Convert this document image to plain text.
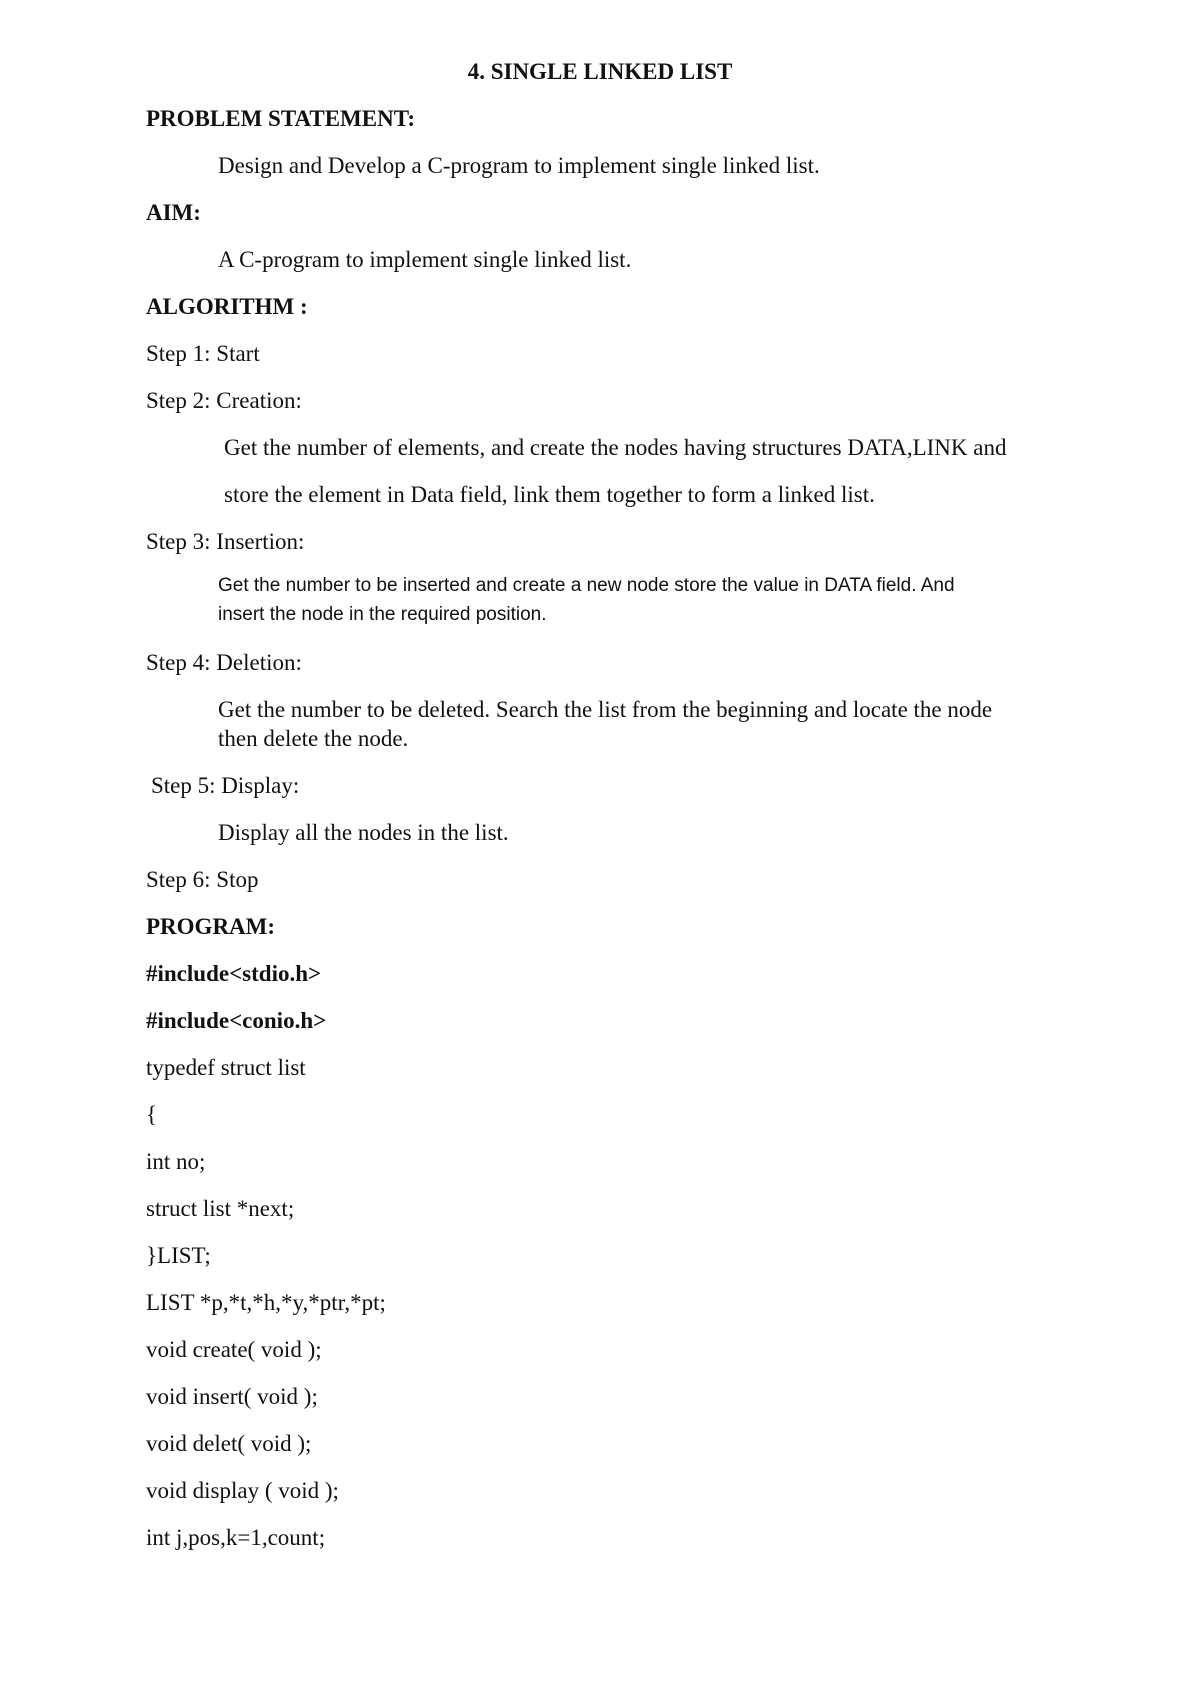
4. SINGLE LINKED LIST
PROBLEM STATEMENT:
Design and Develop a C-program to implement single linked list.
AIM:
A C-program to implement single linked list.
ALGORITHM :
Step 1: Start
Step 2: Creation:
Get the number of elements, and create the nodes having structures DATA,LINK and
store the element in Data field, link them together to form a linked list.
Step 3: Insertion:
Get the number to be inserted and create a new node store the value in DATA field. And
insert the node in the required position.
Step 4: Deletion:
Get the number to be deleted. Search the list from the beginning and locate the node
then delete the node.
Step 5: Display:
Display all the nodes in the list.
Step 6: Stop
PROGRAM:
#include<stdio.h>
#include<conio.h>
typedef struct list
{
int no;
struct list *next;
}LIST;
LIST *p,*t,*h,*y,*ptr,*pt;
void create( void );
void insert( void );
void delet( void );
void display ( void );
int j,pos,k=1,count;
